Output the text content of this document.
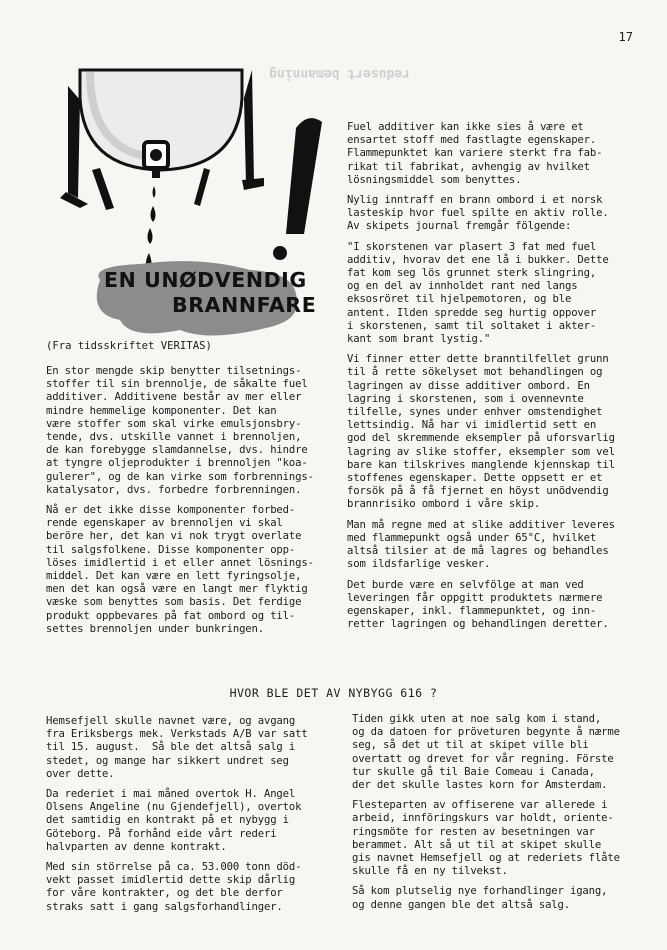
17
redusert bemanning
EN UNØDVENDIG
BRANNFARE
(Fra tidsskriftet VERITAS)

En stor mengde skip benytter tilsetnings-
stoffer til sin brennolje, de såkalte fuel
additiver. Additivene består av mer eller
mindre hemmelige komponenter. Det kan
være stoffer som skal virke emulsjonsbry-
tende, dvs. utskille vannet i brennoljen,
de kan forebygge slamdannelse, dvs. hindre
at tyngre oljeprodukter i brennoljen "koa-
gulerer", og de kan virke som forbrennings-
katalysator, dvs. forbedre forbrenningen.

Nå er det ikke disse komponenter forbed-
rende egenskaper av brennoljen vi skal
beröre her, det kan vi nok trygt overlate
til salgsfolkene. Disse komponenter opp-
löses imidlertid i et eller annet lösnings-
middel. Det kan være en lett fyringsolje,
men det kan også være en langt mer flyktig
væske som benyttes som basis. Det ferdige
produkt oppbevares på fat ombord og til-
settes brennoljen under bunkringen.

Fuel additiver kan ikke sies å være et
ensartet stoff med fastlagte egenskaper.
Flammepunktet kan variere sterkt fra fab-
rikat til fabrikat, avhengig av hvilket
lösningsmiddel som benyttes.

Nylig inntraff en brann ombord i et norsk
lasteskip hvor fuel spilte en aktiv rolle.
Av skipets journal fremgår fölgende:

"I skorstenen var plasert 3 fat med fuel
additiv, hvorav det ene lå i bukker. Dette
fat kom seg lös grunnet sterk slingring,
og en del av innholdet rant ned langs
eksosröret til hjelpemotoren, og ble
antent. Ilden spredde seg hurtig oppover
i skorstenen, samt til soltaket i akter-
kant som brant lystig."

Vi finner etter dette branntilfellet grunn
til å rette sökelyset mot behandlingen og
lagringen av disse additiver ombord. En
lagring i skorstenen, som i ovennevnte
tilfelle, synes under enhver omstendighet
lettsindig. Nå har vi imidlertid sett en
god del skremmende eksempler på uforsvarlig
lagring av slike stoffer, eksempler som vel
bare kan tilskrives manglende kjennskap til
stoffenes egenskaper. Dette oppsett er et
forsök på å få fjernet en höyst unödvendig
brannrisiko ombord i våre skip.

Man må regne med at slike additiver leveres
med flammepunkt også under 65°C, hvilket
altså tilsier at de må lagres og behandles
som ildsfarlige vesker.

Det burde være en selvfölge at man ved
leveringen får oppgitt produktets nærmere
egenskaper, inkl. flammepunktet, og inn-
retter lagringen og behandlingen deretter.

HVOR BLE DET AV NYBYGG 616 ?

Hemsefjell skulle navnet være, og avgang
fra Eriksbergs mek. Verkstads A/B var satt
til 15. august.  Så ble det altså salg i
stedet, og mange har sikkert undret seg
over dette.

Da rederiet i mai måned overtok H. Angel
Olsens Angeline (nu Gjendefjell), overtok
det samtidig en kontrakt på et nybygg i
Göteborg. På forhånd eide vårt rederi
halvparten av denne kontrakt.

Med sin störrelse på ca. 53.000 tonn död-
vekt passet imidlertid dette skip dårlig
for våre kontrakter, og det ble derfor
straks satt i gang salgsforhandlinger.

Tiden gikk uten at noe salg kom i stand,
og da datoen for pröveturen begynte å nærme
seg, så det ut til at skipet ville bli
overtatt og drevet for vår regning. Förste
tur skulle gå til Baie Comeau i Canada,
der det skulle lastes korn for Amsterdam.

Flesteparten av offiserene var allerede i
arbeid, innföringskurs var holdt, oriente-
ringsmöte for resten av besetningen var
berammet. Alt så ut til at skipet skulle
gis navnet Hemsefjell og at rederiets flåte
skulle få en ny tilvekst.

Så kom plutselig nye forhandlinger igang,
og denne gangen ble det altså salg.
